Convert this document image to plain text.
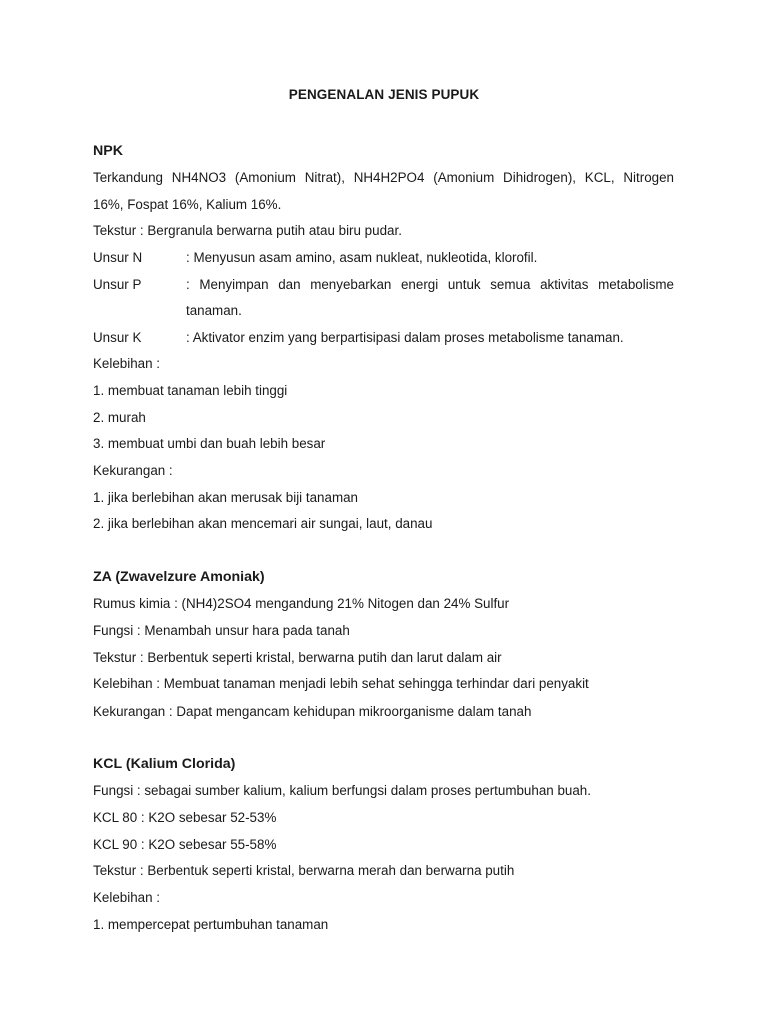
PENGENALAN JENIS PUPUK
NPK
Terkandung NH4NO3 (Amonium Nitrat), NH4H2PO4 (Amonium Dihidrogen), KCL, Nitrogen
16%, Fospat 16%, Kalium 16%.
Tekstur : Bergranula berwarna putih atau biru pudar.
Unsur N	: Menyusun asam amino, asam nukleat, nukleotida, klorofil.
Unsur P	: Menyimpan dan menyebarkan energi untuk semua aktivitas metabolisme
tanaman.
Unsur K	: Aktivator enzim yang berpartisipasi dalam proses metabolisme tanaman.
Kelebihan :
1. membuat tanaman lebih tinggi
2. murah
3. membuat umbi dan buah lebih besar
Kekurangan :
1. jika berlebihan akan merusak biji tanaman
2. jika berlebihan akan mencemari air sungai, laut, danau
ZA (Zwavelzure Amoniak)
Rumus kimia : (NH4)2SO4 mengandung 21% Nitogen dan 24% Sulfur
Fungsi : Menambah unsur hara pada tanah
Tekstur : Berbentuk seperti kristal, berwarna putih dan larut dalam air
Kelebihan : Membuat tanaman menjadi lebih sehat sehingga terhindar dari penyakit
Kekurangan : Dapat mengancam kehidupan mikroorganisme dalam tanah
KCL (Kalium Clorida)
Fungsi : sebagai sumber kalium, kalium berfungsi dalam proses pertumbuhan buah.
KCL 80 : K2O sebesar 52-53%
KCL 90 : K2O sebesar 55-58%
Tekstur : Berbentuk seperti kristal, berwarna merah dan berwarna putih
Kelebihan :
1. mempercepat pertumbuhan tanaman
